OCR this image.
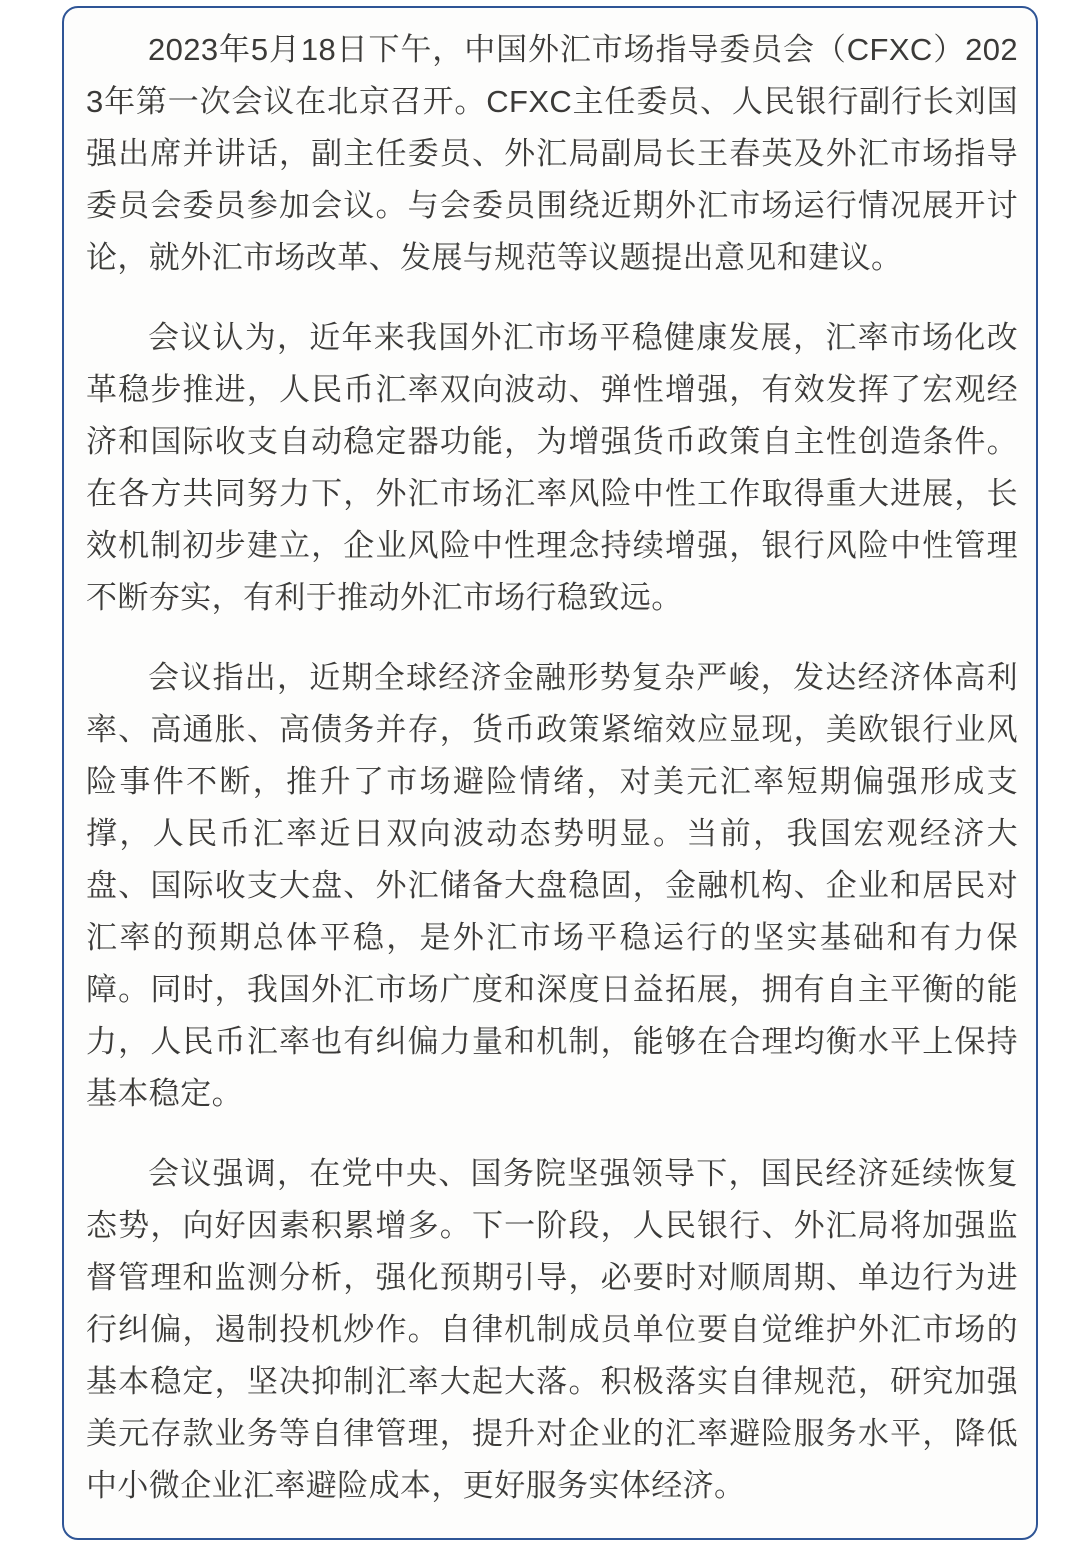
2023年5月18日下午，中国外汇市场指导委员会（CFXC）2023年第一次会议在北京召开。CFXC主任委员、人民银行副行长刘国强出席并讲话，副主任委员、外汇局副局长王春英及外汇市场指导委员会委员参加会议。与会委员围绕近期外汇市场运行情况展开讨论，就外汇市场改革、发展与规范等议题提出意见和建议。

会议认为，近年来我国外汇市场平稳健康发展，汇率市场化改革稳步推进，人民币汇率双向波动、弹性增强，有效发挥了宏观经济和国际收支自动稳定器功能，为增强货币政策自主性创造条件。在各方共同努力下，外汇市场汇率风险中性工作取得重大进展，长效机制初步建立，企业风险中性理念持续增强，银行风险中性管理不断夯实，有利于推动外汇市场行稳致远。

会议指出，近期全球经济金融形势复杂严峻，发达经济体高利率、高通胀、高债务并存，货币政策紧缩效应显现，美欧银行业风险事件不断，推升了市场避险情绪，对美元汇率短期偏强形成支撑，人民币汇率近日双向波动态势明显。当前，我国宏观经济大盘、国际收支大盘、外汇储备大盘稳固，金融机构、企业和居民对汇率的预期总体平稳，是外汇市场平稳运行的坚实基础和有力保障。同时，我国外汇市场广度和深度日益拓展，拥有自主平衡的能力，人民币汇率也有纠偏力量和机制，能够在合理均衡水平上保持基本稳定。

会议强调，在党中央、国务院坚强领导下，国民经济延续恢复态势，向好因素积累增多。下一阶段，人民银行、外汇局将加强监督管理和监测分析，强化预期引导，必要时对顺周期、单边行为进行纠偏，遏制投机炒作。自律机制成员单位要自觉维护外汇市场的基本稳定，坚决抑制汇率大起大落。积极落实自律规范，研究加强美元存款业务等自律管理，提升对企业的汇率避险服务水平，降低中小微企业汇率避险成本，更好服务实体经济。
